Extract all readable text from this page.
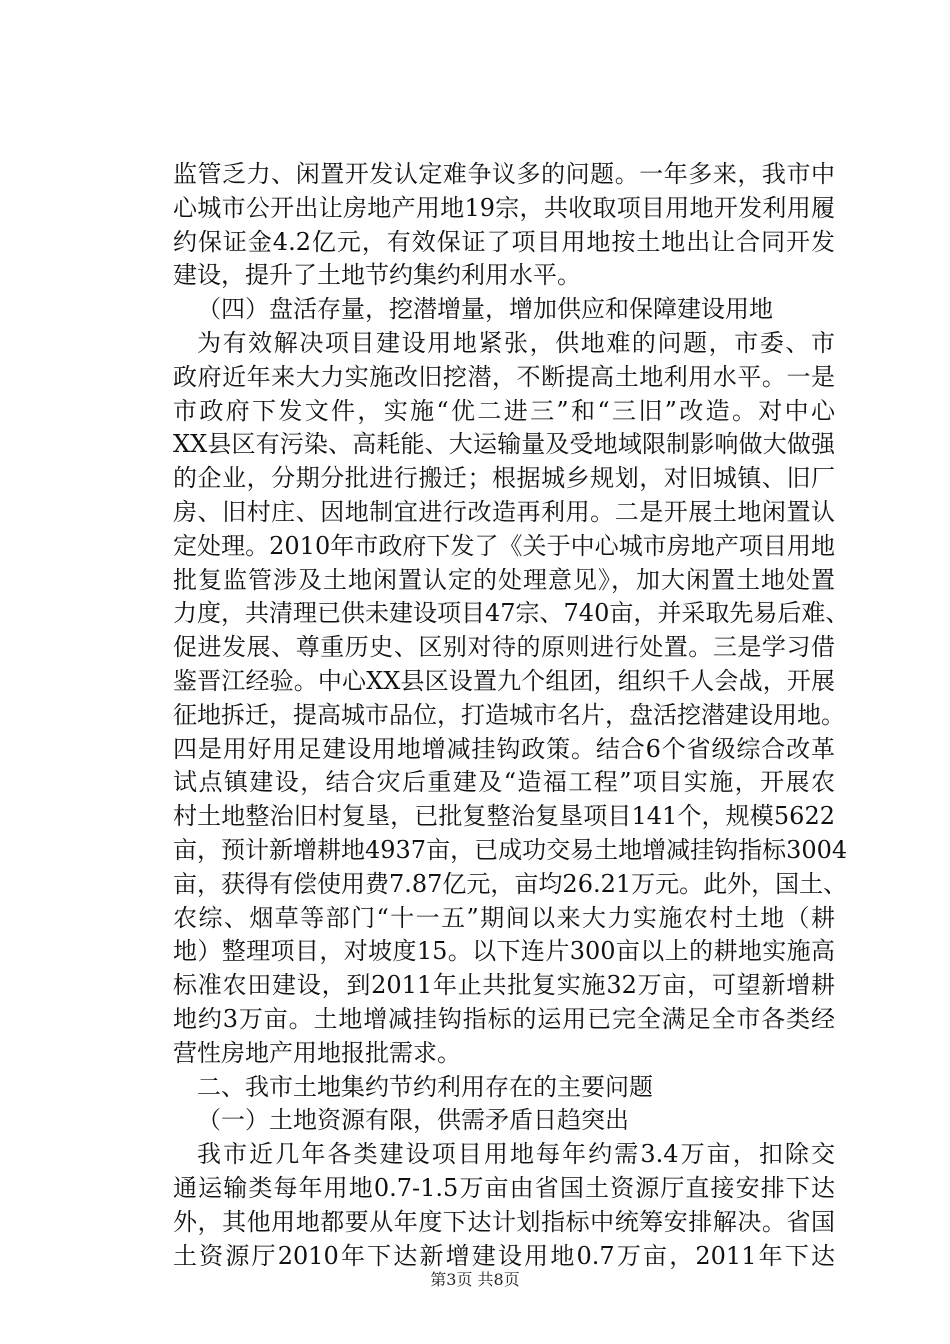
监管乏力、闲置开发认定难争议多的问题。一年多来，我市中
心城市公开出让房地产用地19宗，共收取项目用地开发利用履
约保证金4.2亿元，有效保证了项目用地按土地出让合同开发
建设，提升了土地节约集约利用水平。
（四）盘活存量，挖潜增量，增加供应和保障建设用地
为有效解决项目建设用地紧张，供地难的问题，市委、市
政府近年来大力实施改旧挖潜，不断提高土地利用水平。一是
市政府下发文件，实施“优二进三”和“三旧”改造。对中心
XX县区有污染、高耗能、大运输量及受地域限制影响做大做强
的企业，分期分批进行搬迁；根据城乡规划，对旧城镇、旧厂
房、旧村庄、因地制宜进行改造再利用。二是开展土地闲置认
定处理。2010年市政府下发了《关于中心城市房地产项目用地
批复监管涉及土地闲置认定的处理意见》，加大闲置土地处置
力度，共清理已供未建设项目47宗、740亩，并采取先易后难、
促进发展、尊重历史、区别对待的原则进行处置。三是学习借
鉴晋江经验。中心XX县区设置九个组团，组织千人会战，开展
征地拆迁，提高城市品位，打造城市名片，盘活挖潜建设用地。
四是用好用足建设用地增减挂钩政策。结合6个省级综合改革
试点镇建设，结合灾后重建及“造福工程”项目实施，开展农
村土地整治旧村复垦，已批复整治复垦项目141个，规模5622
亩，预计新增耕地4937亩，已成功交易土地增减挂钩指标3004
亩，获得有偿使用费7.87亿元，亩均26.21万元。此外，国土、
农综、烟草等部门“十一五”期间以来大力实施农村土地（耕
地）整理项目，对坡度15。以下连片300亩以上的耕地实施高
标准农田建设，到2011年止共批复实施32万亩，可望新增耕
地约3万亩。土地增减挂钩指标的运用已完全满足全市各类经
营性房地产用地报批需求。
二、我市土地集约节约利用存在的主要问题
（一）土地资源有限，供需矛盾日趋突出
我市近几年各类建设项目用地每年约需3.4万亩，扣除交
通运输类每年用地0.7-1.5万亩由省国土资源厅直接安排下达
外，其他用地都要从年度下达计划指标中统筹安排解决。省国
土资源厅2010年下达新增建设用地0.7万亩，2011年下达
第3页 共8页
